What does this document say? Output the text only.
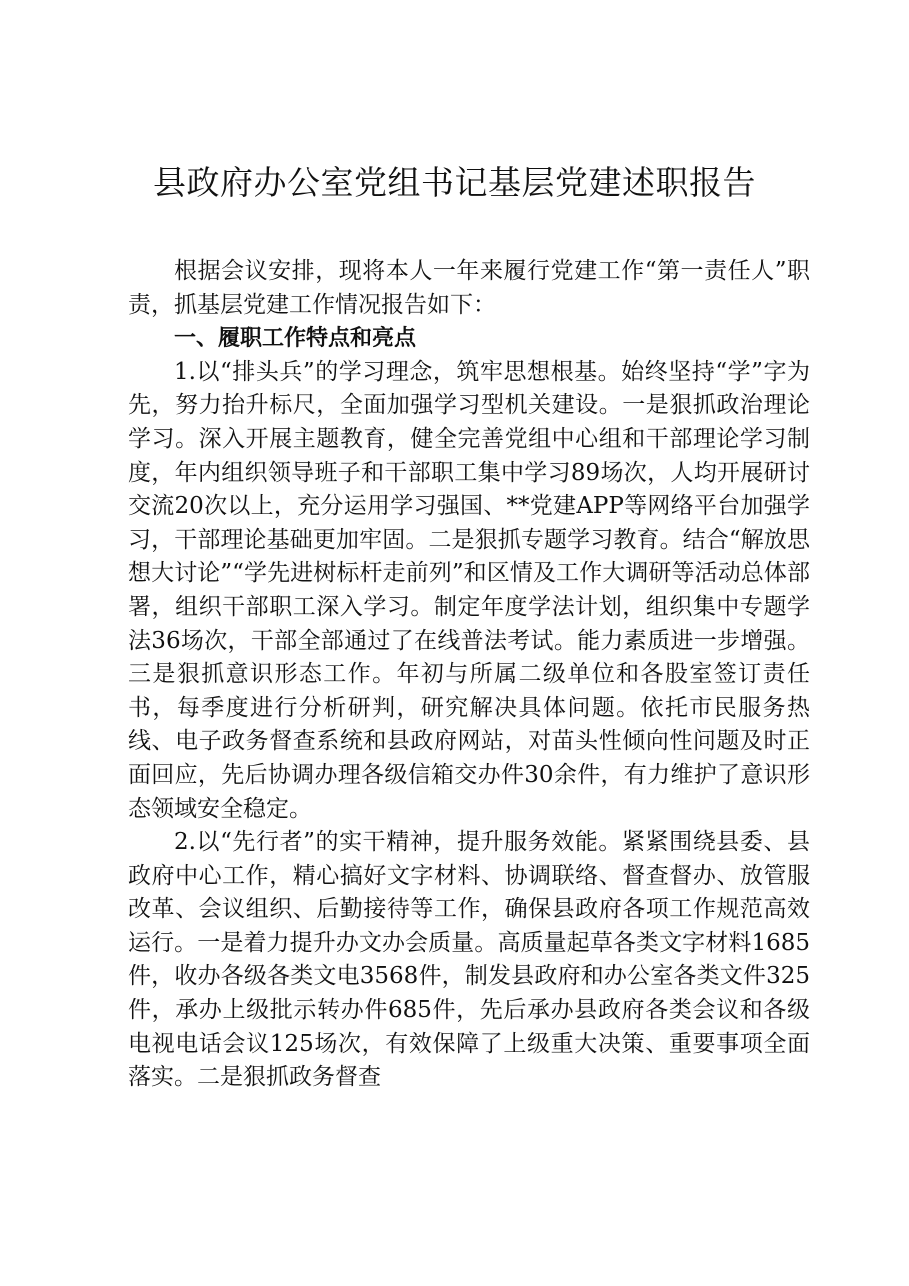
县政府办公室党组书记基层党建述职报告

根据会议安排，现将本人一年来履行党建工作“第一责任人”职责，抓基层党建工作情况报告如下：

一、履职工作特点和亮点

1.以“排头兵”的学习理念，筑牢思想根基。始终坚持“学”字为先，努力抬升标尺，全面加强学习型机关建设。一是狠抓政治理论学习。深入开展主题教育，健全完善党组中心组和干部理论学习制度，年内组织领导班子和干部职工集中学习89场次，人均开展研讨交流20次以上，充分运用学习强国、**党建APP等网络平台加强学习，干部理论基础更加牢固。二是狠抓专题学习教育。结合“解放思想大讨论”“学先进树标杆走前列”和区情及工作大调研等活动总体部署，组织干部职工深入学习。制定年度学法计划，组织集中专题学法36场次，干部全部通过了在线普法考试。能力素质进一步增强。三是狠抓意识形态工作。年初与所属二级单位和各股室签订责任书，每季度进行分析研判，研究解决具体问题。依托市民服务热线、电子政务督查系统和县政府网站，对苗头性倾向性问题及时正面回应，先后协调办理各级信箱交办件30余件，有力维护了意识形态领域安全稳定。

2.以“先行者”的实干精神，提升服务效能。紧紧围绕县委、县政府中心工作，精心搞好文字材料、协调联络、督查督办、放管服改革、会议组织、后勤接待等工作，确保县政府各项工作规范高效运行。一是着力提升办文办会质量。高质量起草各类文字材料1685件，收办各级各类文电3568件，制发县政府和办公室各类文件325件，承办上级批示转办件685件，先后承办县政府各类会议和各级电视电话会议125场次，有效保障了上级重大决策、重要事项全面落实。二是狠抓政务督查
